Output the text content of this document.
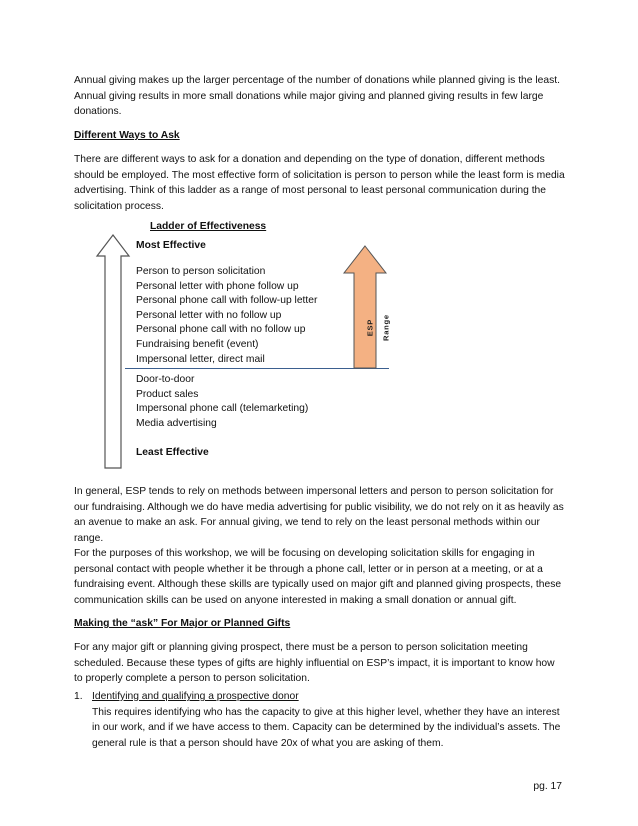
Annual giving makes up the larger percentage of the number of donations while planned giving is the least. Annual giving results in more small donations while major giving and planned giving results in few large donations.

Different Ways to Ask

There are different ways to ask for a donation and depending on the type of donation, different methods should be employed. The most effective form of solicitation is person to person while the least form is media advertising. Think of this ladder as a range of most personal to least personal communication during the solicitation process.

Ladder of Effectiveness
Most Effective
Person to person solicitation
Personal letter with phone follow up
Personal phone call with follow-up letter
Personal letter with no follow up
Personal phone call with no follow up
Fundraising benefit (event)
Impersonal letter, direct mail
Door-to-door
Product sales
Impersonal phone call (telemarketing)
Media advertising
Least Effective
ESP Range

In general, ESP tends to rely on methods between impersonal letters and person to person solicitation for our fundraising. Although we do have media advertising for public visibility, we do not rely on it as heavily as an avenue to make an ask. For annual giving, we tend to rely on the least personal methods within our range.

For the purposes of this workshop, we will be focusing on developing solicitation skills for engaging in personal contact with people whether it be through a phone call, letter or in person at a meeting, or at a fundraising event. Although these skills are typically used on major gift and planned giving prospects, these communication skills can be used on anyone interested in making a small donation or annual gift.

Making the “ask” For Major or Planned Gifts

For any major gift or planning giving prospect, there must be a person to person solicitation meeting scheduled. Because these types of gifts are highly influential on ESP’s impact, it is important to know how to properly complete a person to person solicitation.

1. Identifying and qualifying a prospective donor
This requires identifying who has the capacity to give at this higher level, whether they have an interest in our work, and if we have access to them. Capacity can be determined by the individual’s assets. The general rule is that a person should have 20x of what you are asking of them.
pg. 17
